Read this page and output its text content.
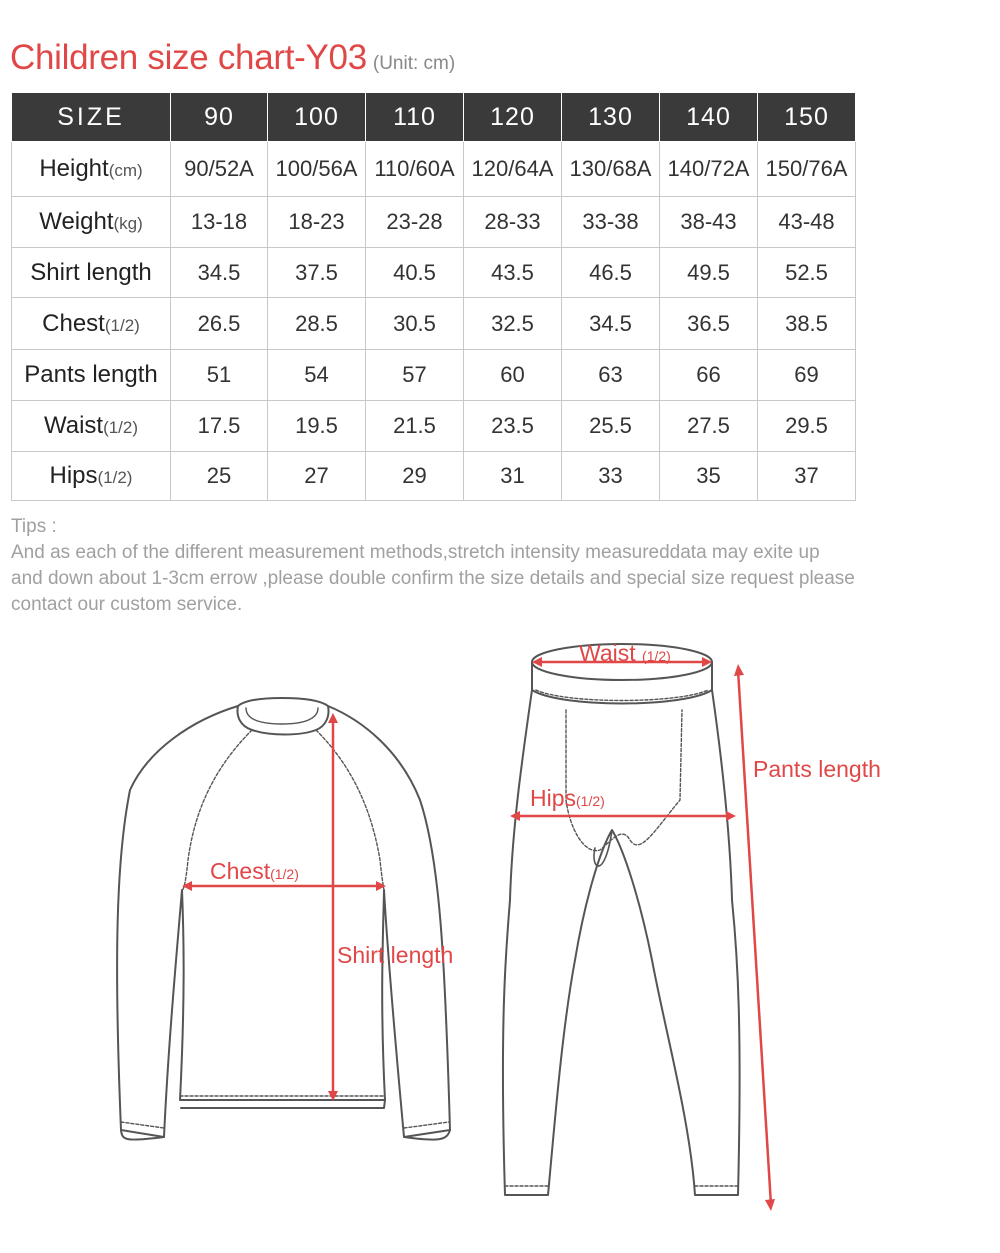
Children size chart-Y03 (Unit: cm)
SIZE	90	100	110	120	130	140	150
Height(cm)	90/52A	100/56A	110/60A	120/64A	130/68A	140/72A	150/76A
Weight(kg)	13-18	18-23	23-28	28-33	33-38	38-43	43-48
Shirt length	34.5	37.5	40.5	43.5	46.5	49.5	52.5
Chest(1/2)	26.5	28.5	30.5	32.5	34.5	36.5	38.5
Pants length	51	54	57	60	63	66	69
Waist(1/2)	17.5	19.5	21.5	23.5	25.5	27.5	29.5
Hips(1/2)	25	27	29	31	33	35	37

Tips :

And as each of the different measurement methods,stretch intensity measureddata may exite up

and down about 1-3cm errow ,please double confirm the size details and special size request please

contact our custom service.

Waist (1/2)
Pants length
Hips(1/2)
Chest(1/2)
Shirt length
